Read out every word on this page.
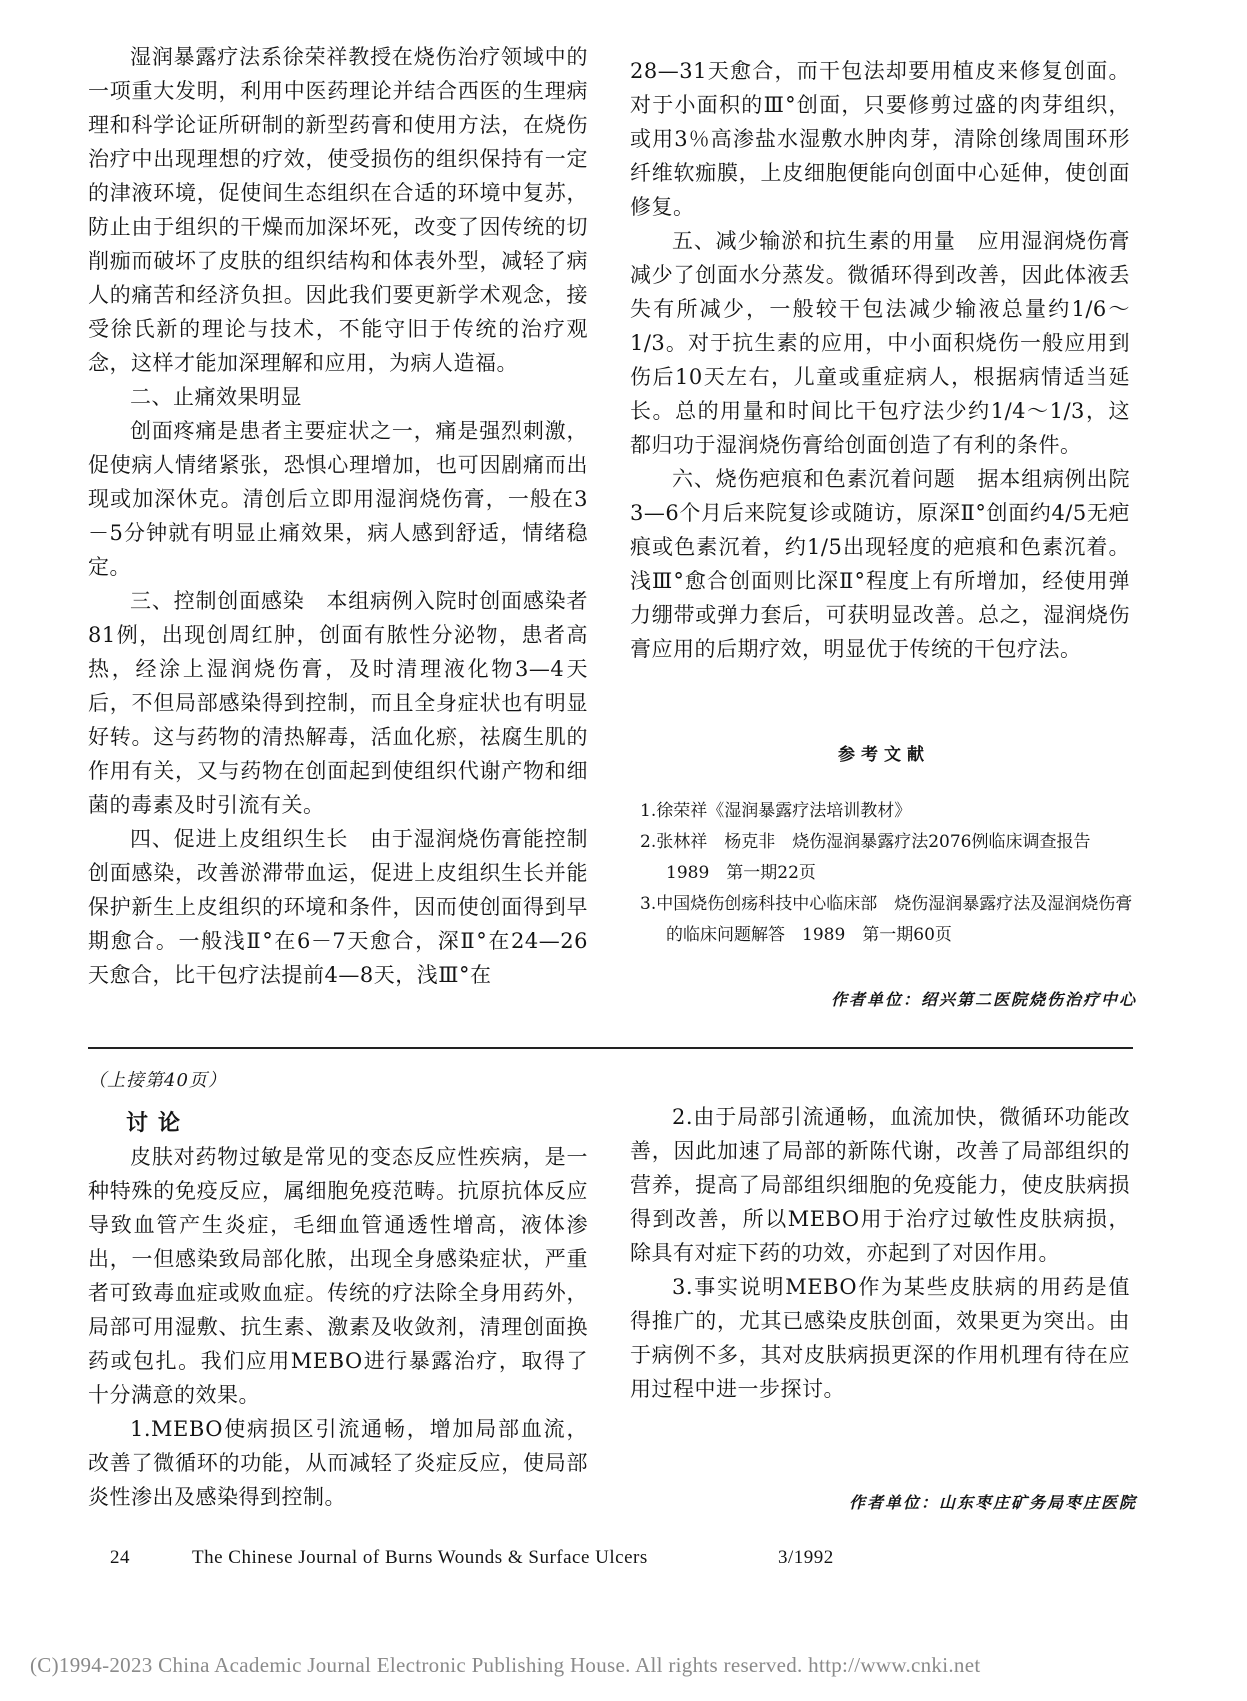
湿润暴露疗法系徐荣祥教授在烧伤治疗领域中的一项重大发明，利用中医药理论并结合西医的生理病理和科学论证所研制的新型药膏和使用方法，在烧伤治疗中出现理想的疗效，使受损伤的组织保持有一定的津液环境，促使间生态组织在合适的环境中复苏，防止由于组织的干燥而加深坏死，改变了因传统的切削痂而破坏了皮肤的组织结构和体表外型，减轻了病人的痛苦和经济负担。因此我们要更新学术观念，接受徐氏新的理论与技术，不能守旧于传统的治疗观念，这样才能加深理解和应用，为病人造福。

二、止痛效果明显

创面疼痛是患者主要症状之一，痛是强烈刺激，促使病人情绪紧张，恐惧心理增加，也可因剧痛而出现或加深休克。清创后立即用湿润烧伤膏，一般在3－5分钟就有明显止痛效果，病人感到舒适，情绪稳定。

三、控制创面感染　本组病例入院时创面感染者81例，出现创周红肿，创面有脓性分泌物，患者高热，经涂上湿润烧伤膏，及时清理液化物3—4天后，不但局部感染得到控制，而且全身症状也有明显好转。这与药物的清热解毒，活血化瘀，祛腐生肌的作用有关，又与药物在创面起到使组织代谢产物和细菌的毒素及时引流有关。

四、促进上皮组织生长　由于湿润烧伤膏能控制创面感染，改善淤滞带血运，促进上皮组织生长并能保护新生上皮组织的环境和条件，因而使创面得到早期愈合。一般浅Ⅱ°在6－7天愈合，深Ⅱ°在24—26天愈合，比干包疗法提前4—8天，浅Ⅲ°在

28—31天愈合，而干包法却要用植皮来修复创面。对于小面积的Ⅲ°创面，只要修剪过盛的肉芽组织，或用3％高渗盐水湿敷水肿肉芽，清除创缘周围环形纤维软痂膜，上皮细胞便能向创面中心延伸，使创面修复。

五、减少输淤和抗生素的用量　应用湿润烧伤膏减少了创面水分蒸发。微循环得到改善，因此体液丢失有所减少，一般较干包法减少输液总量约1/6～1/3。对于抗生素的应用，中小面积烧伤一般应用到伤后10天左右，儿童或重症病人，根据病情适当延长。总的用量和时间比干包疗法少约1/4～1/3，这都归功于湿润烧伤膏给创面创造了有利的条件。

六、烧伤疤痕和色素沉着问题　据本组病例出院3—6个月后来院复诊或随访，原深Ⅱ°创面约4/5无疤痕或色素沉着，约1/5出现轻度的疤痕和色素沉着。浅Ⅲ°愈合创面则比深Ⅱ°程度上有所增加，经使用弹力绷带或弹力套后，可获明显改善。总之，湿润烧伤膏应用的后期疗效，明显优于传统的干包疗法。

参考文献
1.徐荣祥《湿润暴露疗法培训教材》
2.张林祥　杨克非　烧伤湿润暴露疗法2076例临床调查报告　1989　第一期22页
3.中国烧伤创疡科技中心临床部　烧伤湿润暴露疗法及湿润烧伤膏的临床问题解答　1989　第一期60页
作者单位：绍兴第二医院烧伤治疗中心
（上接第40页）
讨论

皮肤对药物过敏是常见的变态反应性疾病，是一种特殊的免疫反应，属细胞免疫范畴。抗原抗体反应导致血管产生炎症，毛细血管通透性增高，液体渗出，一但感染致局部化脓，出现全身感染症状，严重者可致毒血症或败血症。传统的疗法除全身用药外，局部可用湿敷、抗生素、激素及收敛剂，清理创面换药或包扎。我们应用MEBO进行暴露治疗，取得了十分满意的效果。

1.MEBO使病损区引流通畅，增加局部血流，改善了微循环的功能，从而减轻了炎症反应，使局部炎性渗出及感染得到控制。

2.由于局部引流通畅，血流加快，微循环功能改善，因此加速了局部的新陈代谢，改善了局部组织的营养，提高了局部组织细胞的免疫能力，使皮肤病损得到改善，所以MEBO用于治疗过敏性皮肤病损，除具有对症下药的功效，亦起到了对因作用。

3.事实说明MEBO作为某些皮肤病的用药是值得推广的，尤其已感染皮肤创面，效果更为突出。由于病例不多，其对皮肤病损更深的作用机理有待在应用过程中进一步探讨。

作者单位：山东枣庄矿务局枣庄医院
24	The Chinese Journal of Burns Wounds & Surface Ulcers	3/1992
(C)1994-2023 China Academic Journal Electronic Publishing House. All rights reserved. http://www.cnki.net
